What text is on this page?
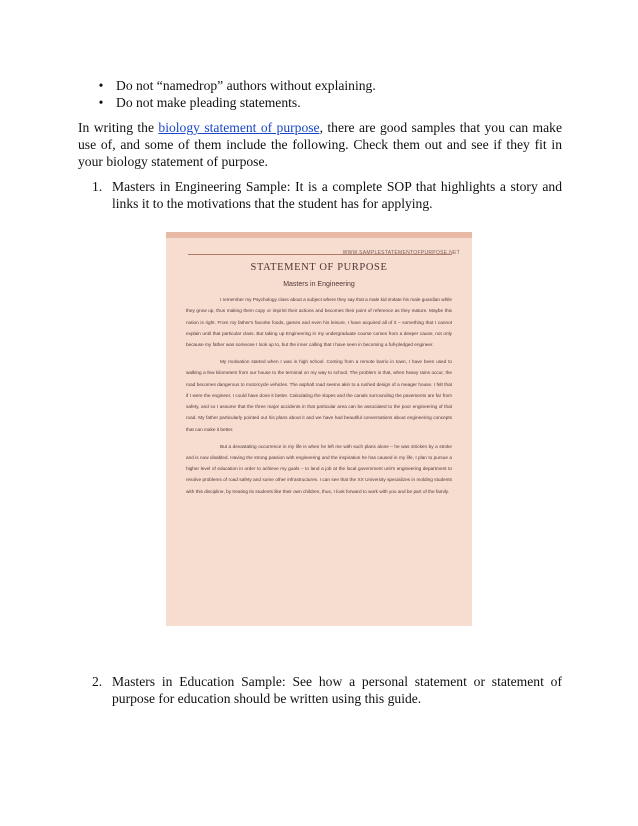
• Do not “namedrop” authors without explaining.
• Do not make pleading statements.

In writing the biology statement of purpose, there are good samples that you can make use of, and some of them include the following. Check them out and see if they fit in your biology statement of purpose.

1. Masters in Engineering Sample: It is a complete SOP that highlights a story and links it to the motivations that the student has for applying.
WWW.SAMPLESTATEMENTOFPURPOSE.NET
STATEMENT OF PURPOSE
Masters in Engineering

I remember my Psychology class about a subject where they say that a male kid imitate his male guardian while they grow up, thus making them copy or imprint their actions and becomes their point of reference as they mature. Maybe this notion is right. From my father's favorite foods, games and even his leisure, I have acquired all of it – something that I cannot explain until that particular class. But taking up Engineering in my undergraduate course comes from a deeper cause, not only because my father was someone I look up to, but the inner calling that I have seen in becoming a full-pledged engineer.

My motivation started when I was in high school. Coming from a remote barrio in town, I have been used to walking a few kilometers from our house to the terminal on my way to school. The problem is that, when heavy rains occur, the road becomes dangerous to motorcycle vehicles. The asphalt road seems akin to a rushed design of a meager house. I felt that if I were the engineer, I could have done it better. Calculating the slopes and the canals surrounding the pavements are far from safety, and so I assume that the three major accidents in that particular area can be associated to the poor engineering of that road. My father particularly pointed out his plans about it and we have had beautiful conversations about engineering concepts that can make it better.

But a devastating occurrence in my life is when he left me with such plans alone – he was stricken by a stroke and is now disabled. Having the strong passion with engineering and the inspiration he has caused in my life, I plan to pursue a higher level of education in order to achieve my goals – to land a job at the local government unit's engineering department to resolve problems of road safety and some other infrastructures. I can see that the XX University specializes in molding students with this discipline, by treating its students like their own children, thus, I look forward to work with you and be part of the family.

2. Masters in Education Sample: See how a personal statement or statement of purpose for education should be written using this guide.
